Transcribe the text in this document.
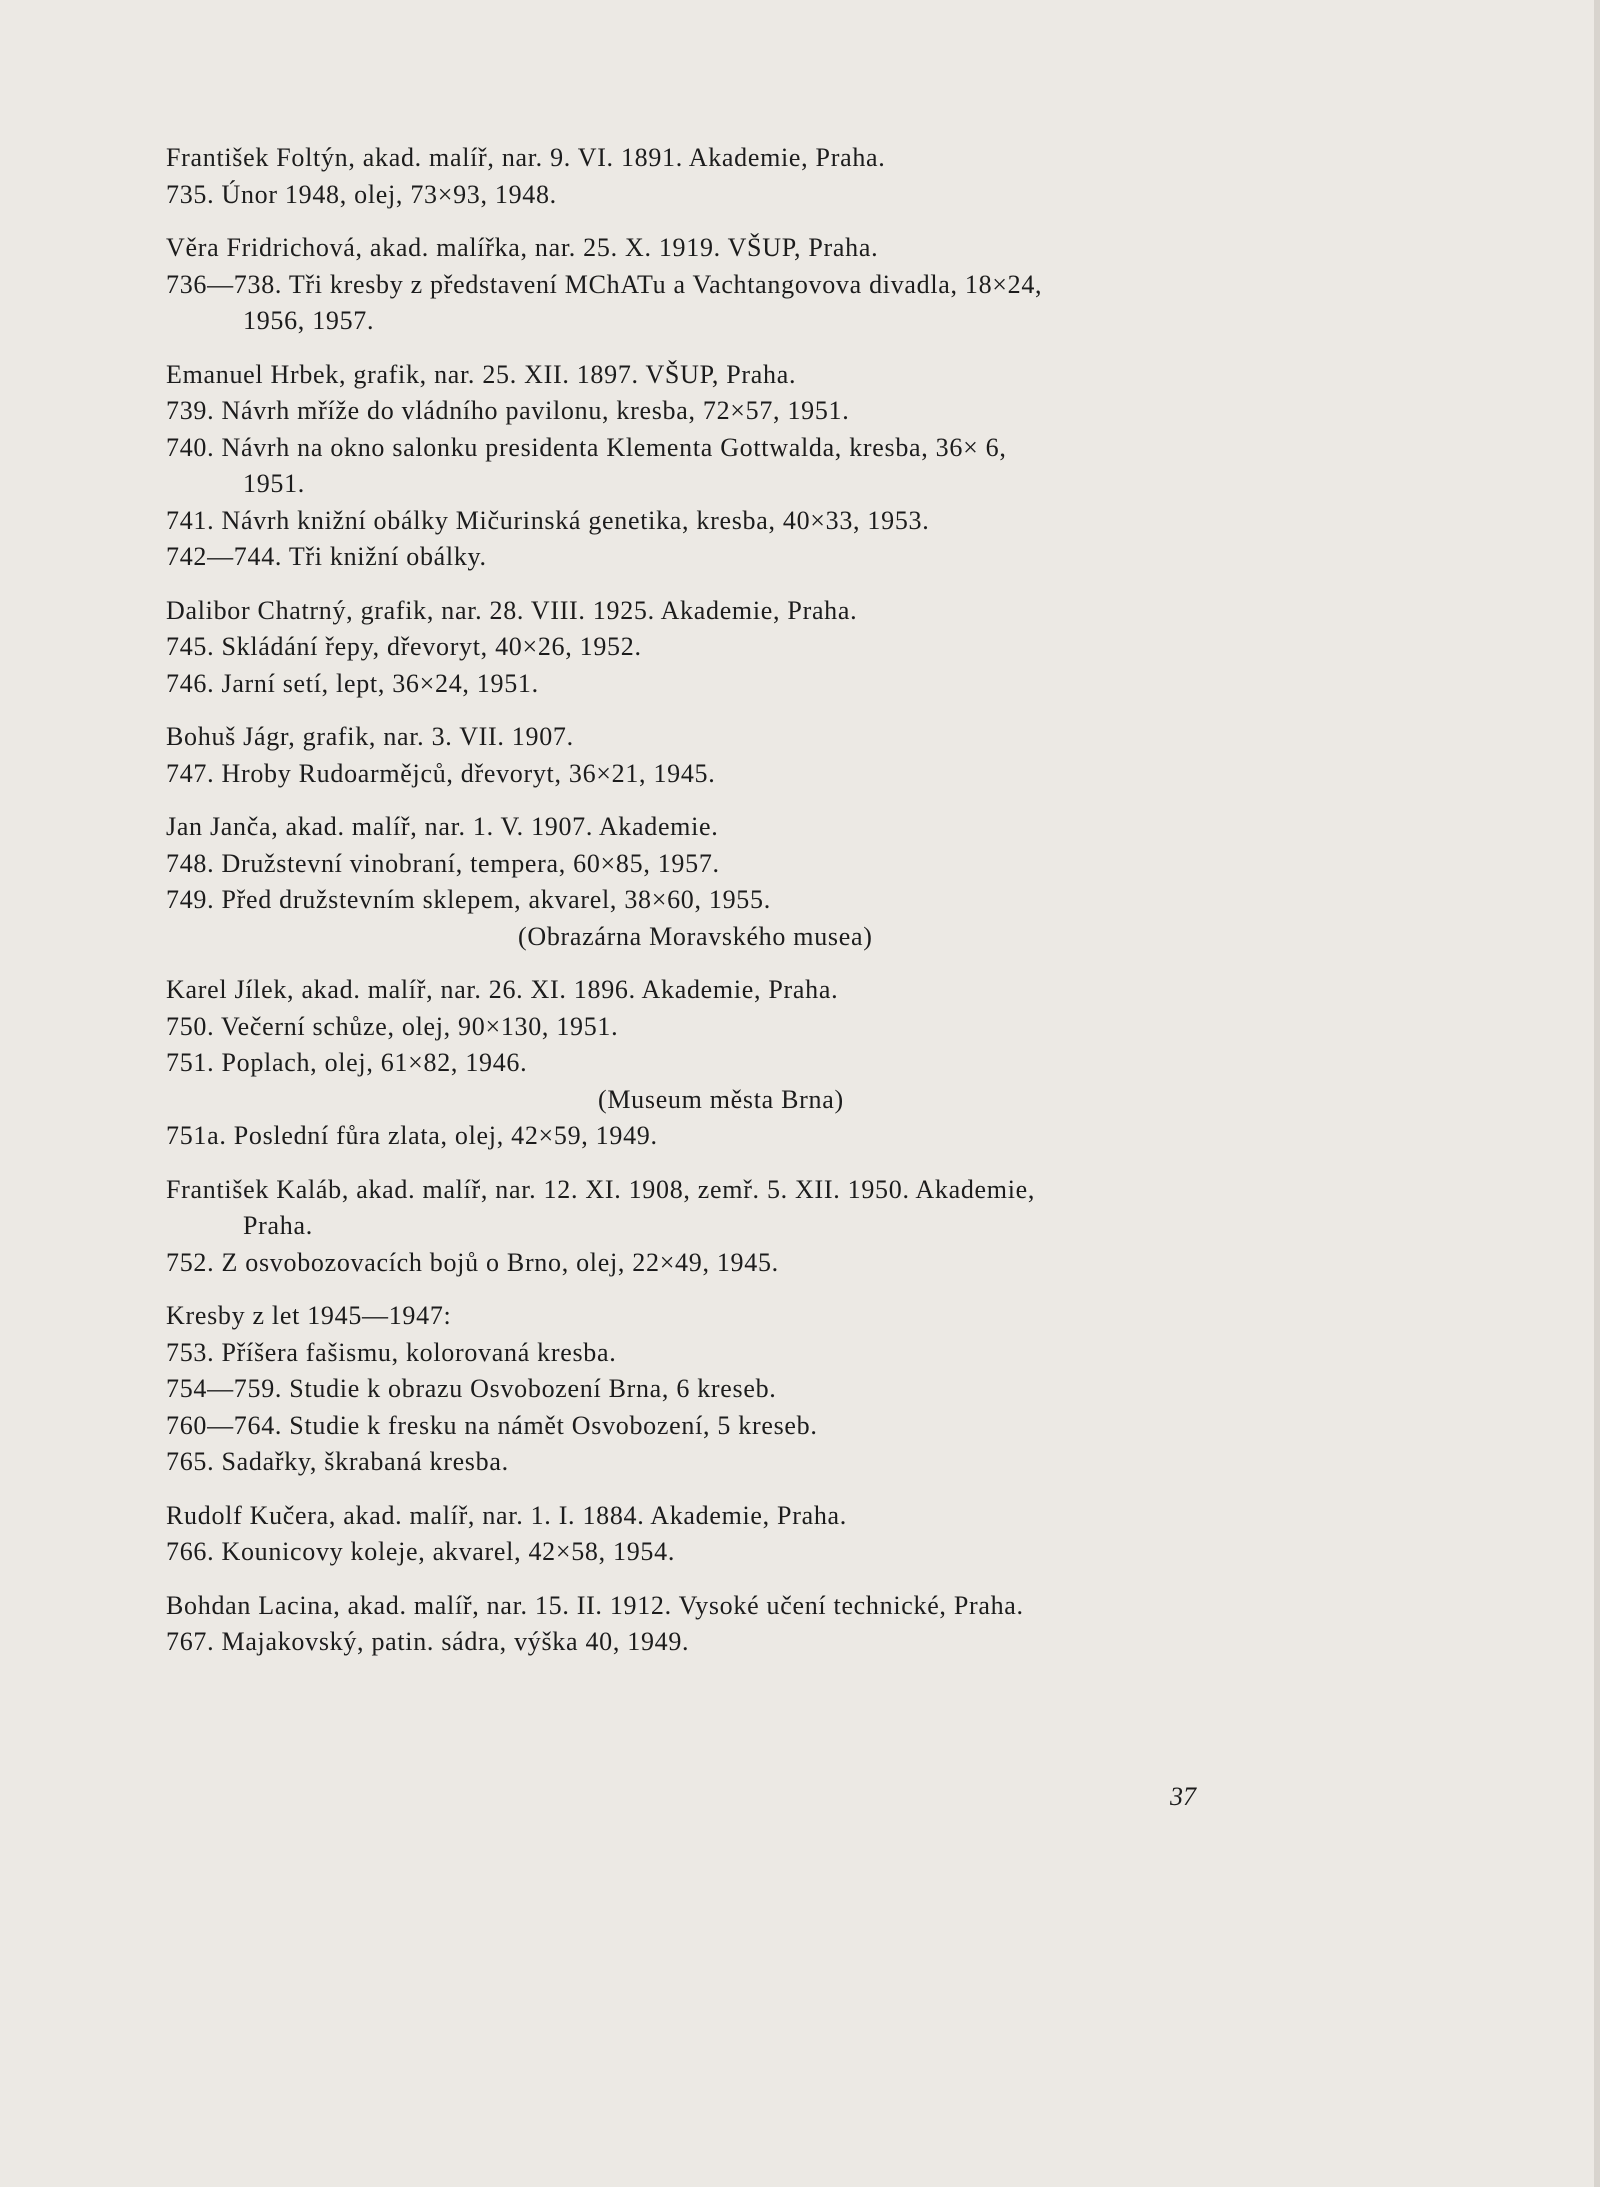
František Foltýn, akad. malíř, nar. 9. VI. 1891. Akademie, Praha.
735. Únor 1948, olej, 73×93, 1948.
Věra Fridrichová, akad. malířka, nar. 25. X. 1919. VŠUP, Praha.
736—738. Tři kresby z představení MChATu a Vachtangovova divadla, 18×24,
1956, 1957.
Emanuel Hrbek, grafik, nar. 25. XII. 1897. VŠUP, Praha.
739. Návrh mříže do vládního pavilonu, kresba, 72×57, 1951.
740. Návrh na okno salonku presidenta Klementa Gottwalda, kresba, 36× 6,
1951.
741. Návrh knižní obálky Mičurinská genetika, kresba, 40×33, 1953.
742—744. Tři knižní obálky.
Dalibor Chatrný, grafik, nar. 28. VIII. 1925. Akademie, Praha.
745. Skládání řepy, dřevoryt, 40×26, 1952.
746. Jarní setí, lept, 36×24, 1951.
Bohuš Jágr, grafik, nar. 3. VII. 1907.
747. Hroby Rudoarmějců, dřevoryt, 36×21, 1945.
Jan Janča, akad. malíř, nar. 1. V. 1907. Akademie.
748. Družstevní vinobraní, tempera, 60×85, 1957.
749. Před družstevním sklepem, akvarel, 38×60, 1955.
(Obrazárna Moravského musea)
Karel Jílek, akad. malíř, nar. 26. XI. 1896. Akademie, Praha.
750. Večerní schůze, olej, 90×130, 1951.
751. Poplach, olej, 61×82, 1946.
(Museum města Brna)
751a. Poslední fůra zlata, olej, 42×59, 1949.
František Kaláb, akad. malíř, nar. 12. XI. 1908, zemř. 5. XII. 1950. Akademie,
Praha.
752. Z osvobozovacích bojů o Brno, olej, 22×49, 1945.
Kresby z let 1945—1947:
753. Příšera fašismu, kolorovaná kresba.
754—759. Studie k obrazu Osvobození Brna, 6 kreseb.
760—764. Studie k fresku na námět Osvobození, 5 kreseb.
765. Sadařky, škrabaná kresba.
Rudolf Kučera, akad. malíř, nar. 1. I. 1884. Akademie, Praha.
766. Kounicovy koleje, akvarel, 42×58, 1954.
Bohdan Lacina, akad. malíř, nar. 15. II. 1912. Vysoké učení technické, Praha.
767. Majakovský, patin. sádra, výška 40, 1949.
37
